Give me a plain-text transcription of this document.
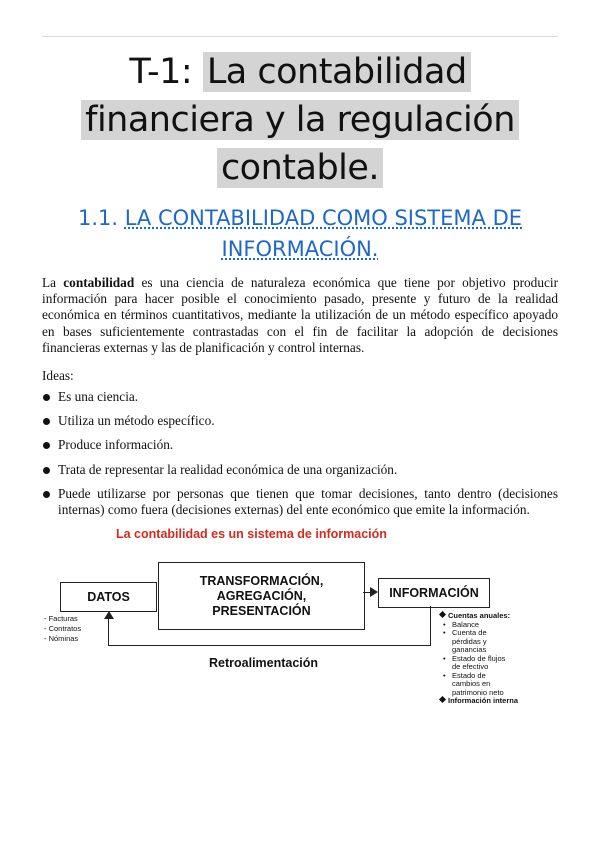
T-1: La contabilidad
financiera y la regulación
contable.
1.1. LA CONTABILIDAD COMO SISTEMA DE
INFORMACIÓN.
La contabilidad es una ciencia de naturaleza económica que tiene por objetivo producir información para hacer posible el conocimiento pasado, presente y futuro de la realidad económica en términos cuantitativos, mediante la utilización de un método específico apoyado en bases suficientemente contrastadas con el fin de facilitar la adopción de decisiones financieras externas y las de planificación y control internas.
Ideas:
Es una ciencia.
Utiliza un método específico.
Produce información.
Trata de representar la realidad económica de una organización.
Puede utilizarse por personas que tienen que tomar decisiones, tanto dentro (decisiones internas) como fuera (decisiones externas) del ente económico que emite la información.
La contabilidad es un sistema de información
DATOS
TRANSFORMACIÓN,
AGREGACIÓN,
PRESENTACIÓN
INFORMACIÓN
Retroalimentación
- Facturas
- Contratos
- Nóminas
Cuentas anuales:
• Balance
• Cuenta de
pérdidas y
ganancias
• Estado de flujos
de efectivo
• Estado de
cambios en
patrimonio neto
Información interna
